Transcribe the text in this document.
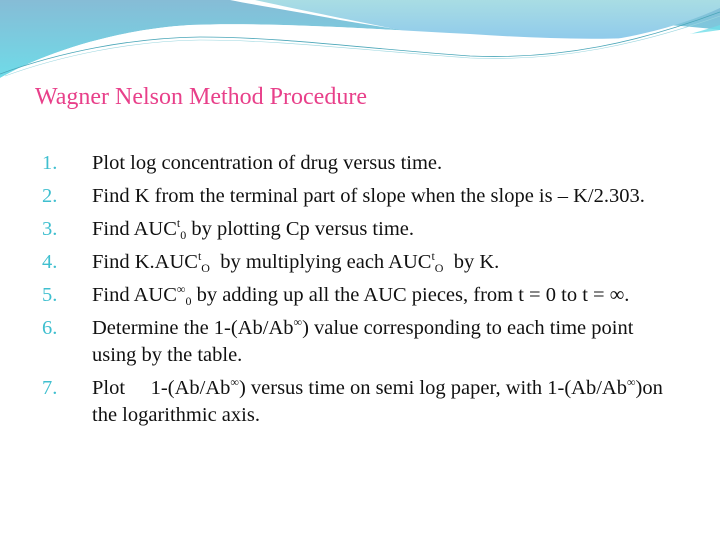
Wagner Nelson Method Procedure
1.	Plot log concentration of drug versus time.
2.	Find K from the terminal part of slope when the slope is – K/2.303.
3.	Find $AUC^t_0$ by plotting Cp versus time.
4.	Find $K.AUC^t_O$  by multiplying each $AUC^t_O$  by K.
5.	Find $AUC^\infty_0$ by adding up all the AUC pieces, from t = 0 to t = ∞.
6.	Determine the 1-(Ab/Ab∞) value corresponding to each time point using by the table.
7.	Plot     1-(Ab/Ab∞) versus time on semi log paper, with 1-(Ab/Ab∞)on the logarithmic axis.
